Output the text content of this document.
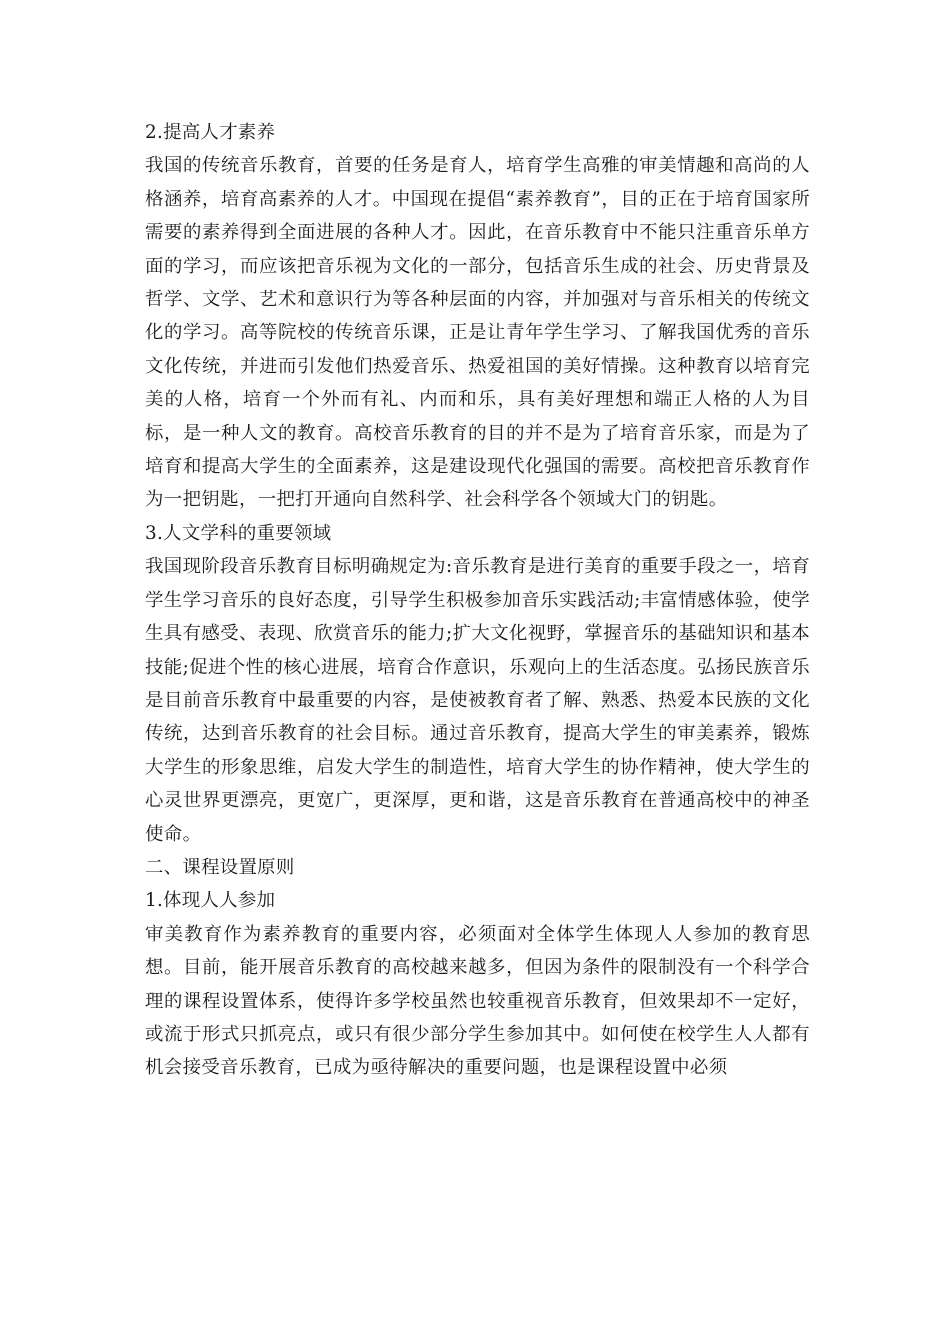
2.提高人才素养

我国的传统音乐教育，首要的任务是育人，培育学生高雅的审美情趣和高尚的人格涵养，培育高素养的人才。中国现在提倡“素养教育”，目的正在于培育国家所需要的素养得到全面进展的各种人才。因此，在音乐教育中不能只注重音乐单方面的学习，而应该把音乐视为文化的一部分，包括音乐生成的社会、历史背景及哲学、文学、艺术和意识行为等各种层面的内容，并加强对与音乐相关的传统文化的学习。高等院校的传统音乐课，正是让青年学生学习、了解我国优秀的音乐文化传统，并进而引发他们热爱音乐、热爱祖国的美好情操。这种教育以培育完美的人格，培育一个外而有礼、内而和乐，具有美好理想和端正人格的人为目标，是一种人文的教育。高校音乐教育的目的并不是为了培育音乐家，而是为了培育和提高大学生的全面素养，这是建设现代化强国的需要。高校把音乐教育作为一把钥匙，一把打开通向自然科学、社会科学各个领域大门的钥匙。

3.人文学科的重要领域

我国现阶段音乐教育目标明确规定为:音乐教育是进行美育的重要手段之一，培育学生学习音乐的良好态度，引导学生积极参加音乐实践活动;丰富情感体验，使学生具有感受、表现、欣赏音乐的能力;扩大文化视野，掌握音乐的基础知识和基本技能;促进个性的核心进展，培育合作意识，乐观向上的生活态度。弘扬民族音乐是目前音乐教育中最重要的内容，是使被教育者了解、熟悉、热爱本民族的文化传统，达到音乐教育的社会目标。通过音乐教育，提高大学生的审美素养，锻炼大学生的形象思维，启发大学生的制造性，培育大学生的协作精神，使大学生的心灵世界更漂亮，更宽广，更深厚，更和谐，这是音乐教育在普通高校中的神圣使命。

二、课程设置原则

1.体现人人参加

审美教育作为素养教育的重要内容，必须面对全体学生体现人人参加的教育思想。目前，能开展音乐教育的高校越来越多，但因为条件的限制没有一个科学合理的课程设置体系，使得许多学校虽然也较重视音乐教育，但效果却不一定好，或流于形式只抓亮点，或只有很少部分学生参加其中。如何使在校学生人人都有机会接受音乐教育，已成为亟待解决的重要问题，也是课程设置中必须
